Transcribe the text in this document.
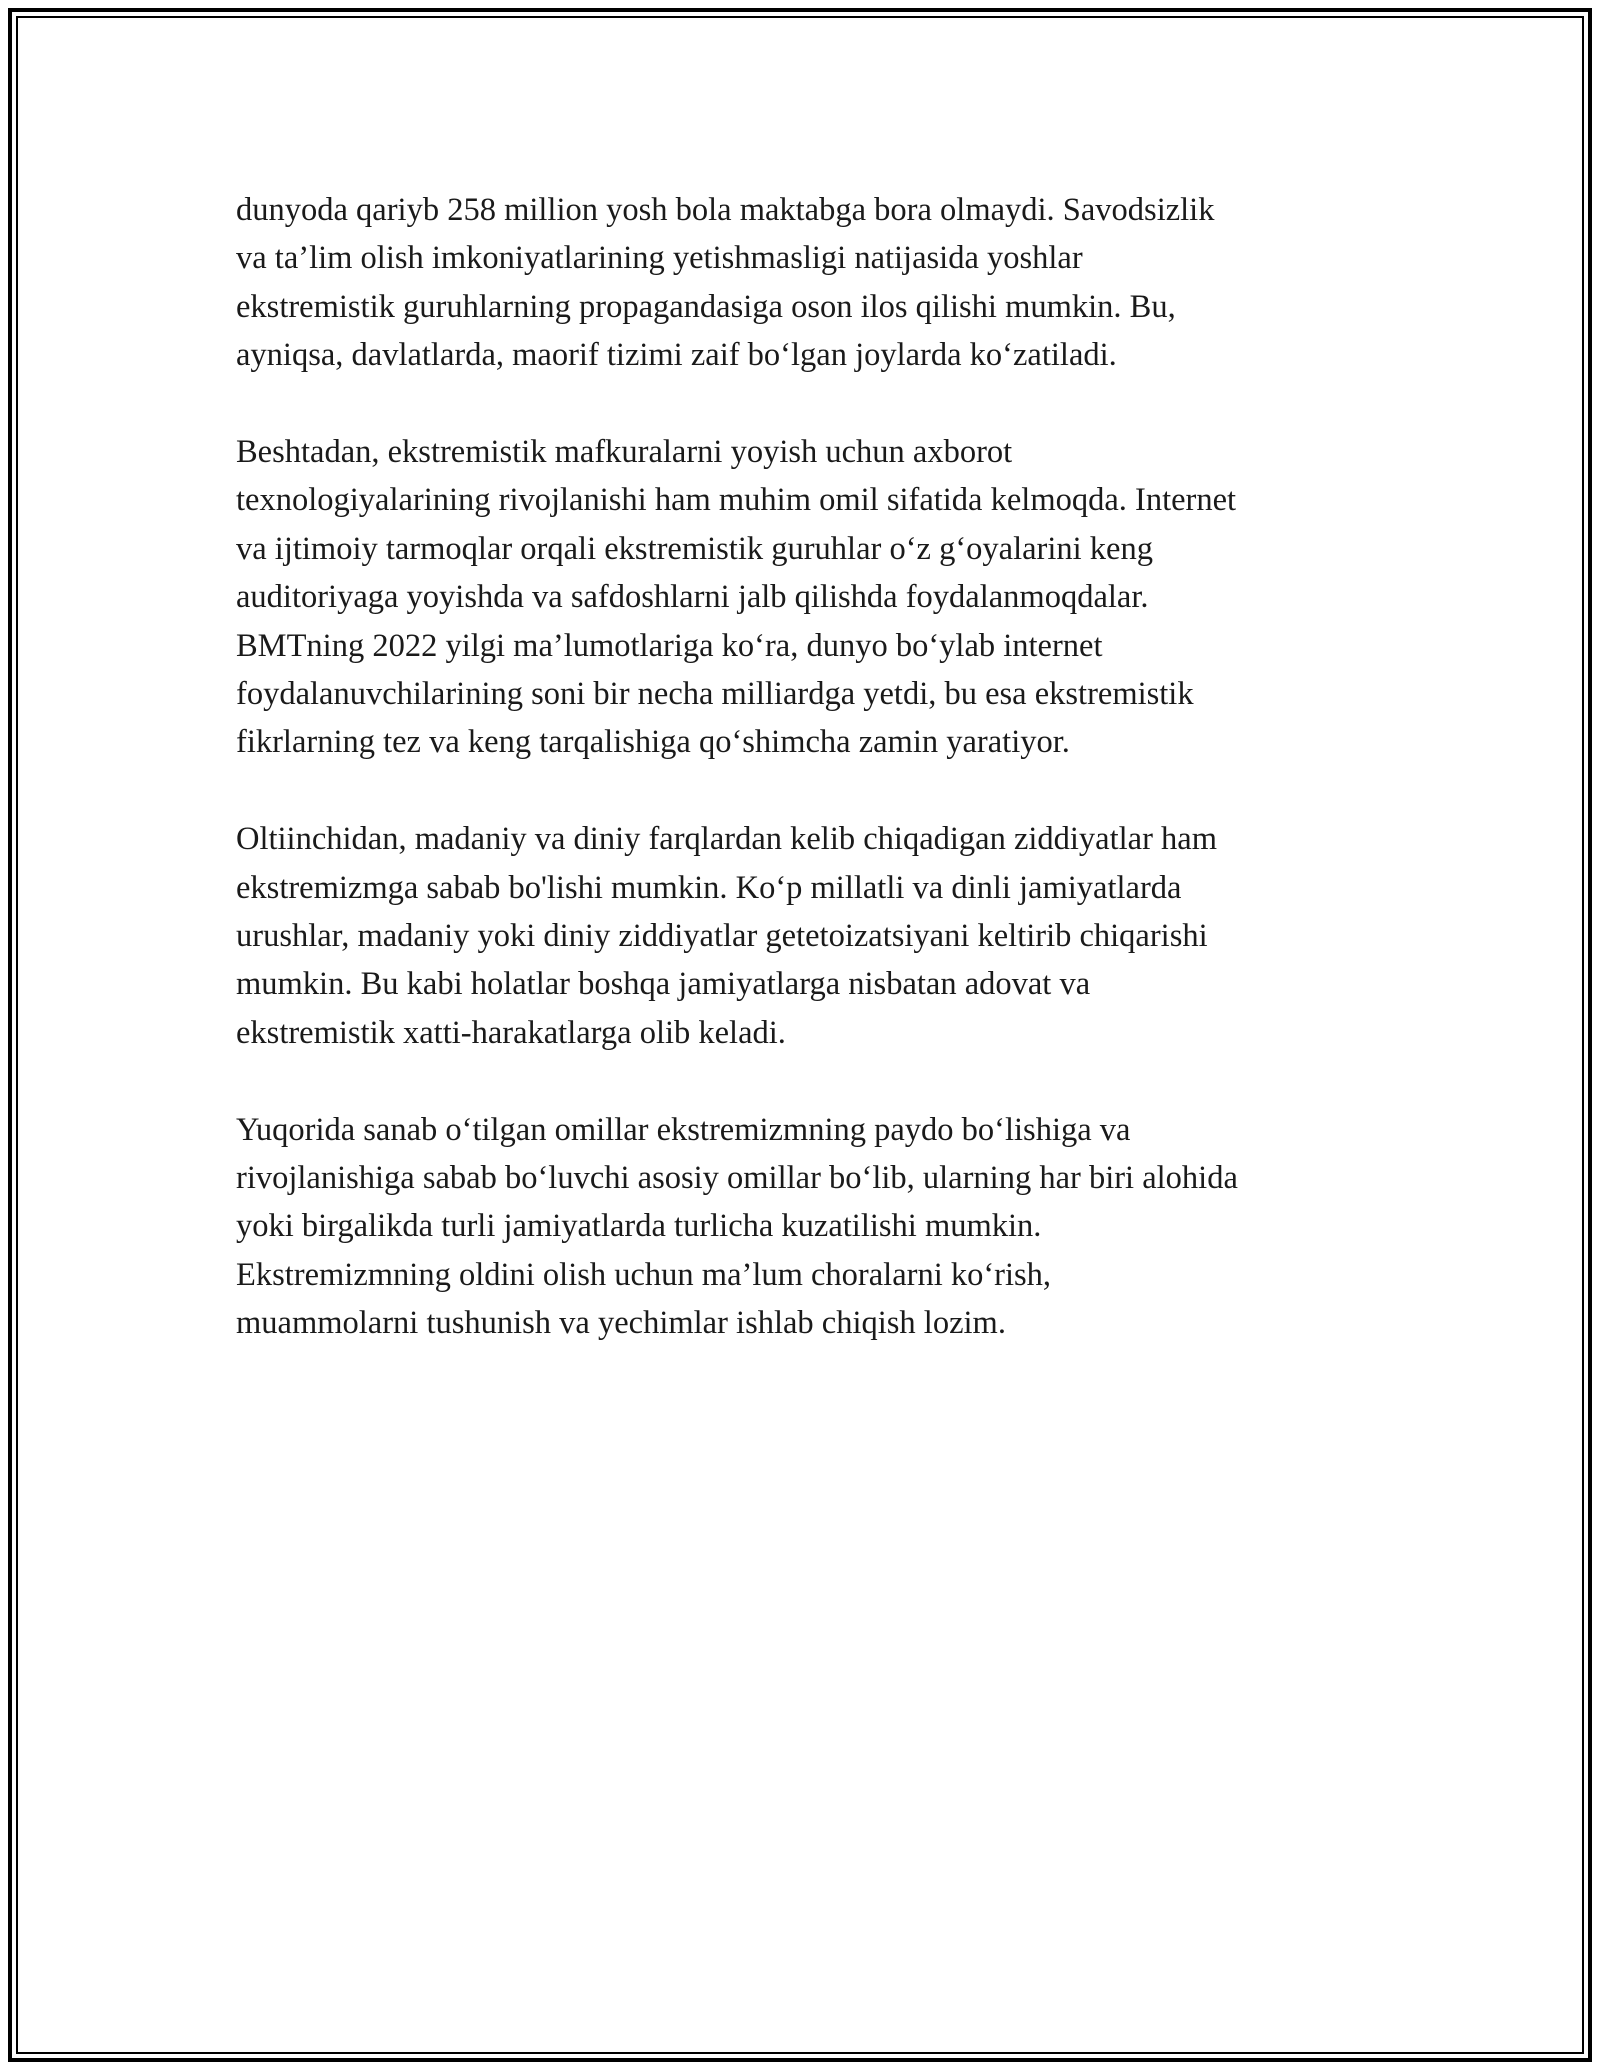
dunyoda qariyb 258 million yosh bola maktabga bora olmaydi. Savodsizlik
va ta’lim olish imkoniyatlarining yetishmasligi natijasida yoshlar
ekstremistik guruhlarning propagandasiga oson ilos qilishi mumkin. Bu,
ayniqsa, davlatlarda, maorif tizimi zaif bo‘lgan joylarda ko‘zatiladi.

Beshtadan, ekstremistik mafkuralarni yoyish uchun axborot
texnologiyalarining rivojlanishi ham muhim omil sifatida kelmoqda. Internet
va ijtimoiy tarmoqlar orqali ekstremistik guruhlar o‘z g‘oyalarini keng
auditoriyaga yoyishda va safdoshlarni jalb qilishda foydalanmoqdalar.
BMTning 2022 yilgi ma’lumotlariga ko‘ra, dunyo bo‘ylab internet
foydalanuvchilarining soni bir necha milliardga yetdi, bu esa ekstremistik
fikrlarning tez va keng tarqalishiga qo‘shimcha zamin yaratiyor.

Oltiinchidan, madaniy va diniy farqlardan kelib chiqadigan ziddiyatlar ham
ekstremizmga sabab bo'lishi mumkin. Ko‘p millatli va dinli jamiyatlarda
urushlar, madaniy yoki diniy ziddiyatlar getetoizatsiyani keltirib chiqarishi
mumkin. Bu kabi holatlar boshqa jamiyatlarga nisbatan adovat va
ekstremistik xatti-harakatlarga olib keladi.

Yuqorida sanab o‘tilgan omillar ekstremizmning paydo bo‘lishiga va
rivojlanishiga sabab bo‘luvchi asosiy omillar bo‘lib, ularning har biri alohida
yoki birgalikda turli jamiyatlarda turlicha kuzatilishi mumkin.
Ekstremizmning oldini olish uchun ma’lum choralarni ko‘rish,
muammolarni tushunish va yechimlar ishlab chiqish lozim.
